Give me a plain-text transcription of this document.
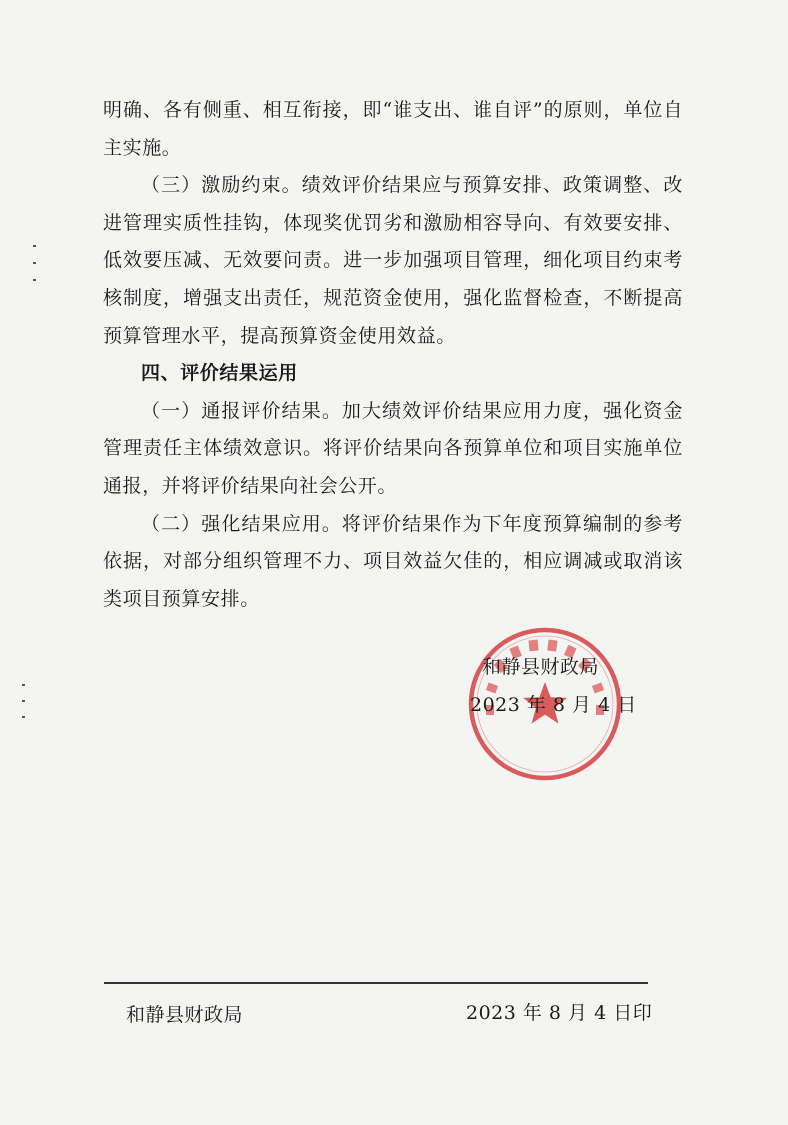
明确、各有侧重、相互衔接，即“谁支出、谁自评”的原则，单位自主实施。

（三）激励约束。绩效评价结果应与预算安排、政策调整、改进管理实质性挂钩，体现奖优罚劣和激励相容导向、有效要安排、低效要压减、无效要问责。进一步加强项目管理，细化项目约束考核制度，增强支出责任，规范资金使用，强化监督检查，不断提高预算管理水平，提高预算资金使用效益。

四、评价结果运用

（一）通报评价结果。加大绩效评价结果应用力度，强化资金管理责任主体绩效意识。将评价结果向各预算单位和项目实施单位通报，并将评价结果向社会公开。

（二）强化结果应用。将评价结果作为下年度预算编制的参考依据，对部分组织管理不力、项目效益欠佳的，相应调减或取消该类项目预算安排。

和静县财政局
2023 年 8 月 4 日
和静县财政局	2023 年 8 月 4 日印
